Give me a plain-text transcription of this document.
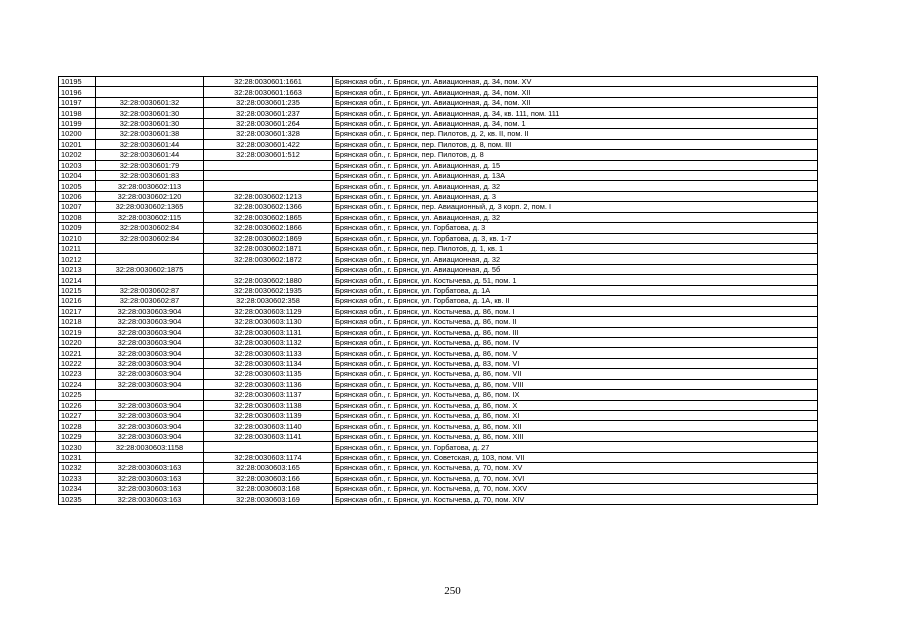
10195		32:28:0030601:1661	Брянская обл., г. Брянск, ул. Авиационная, д. 34, пом. XV
10196		32:28:0030601:1663	Брянская обл., г. Брянск, ул. Авиационная, д. 34, пом. XII
10197	32:28:0030601:32	32:28:0030601:235	Брянская обл., г. Брянск, ул. Авиационная, д. 34, пом. XII
10198	32:28:0030601:30	32:28:0030601:237	Брянская обл., г. Брянск, ул. Авиационная, д. 34, кв. 111, пом. 111
10199	32:28:0030601:30	32:28:0030601:264	Брянская обл., г. Брянск, ул. Авиационная, д. 34, пом. 1
10200	32:28:0030601:38	32:28:0030601:328	Брянская обл., г. Брянск, пер. Пилотов, д. 2, кв. II, пом. II
10201	32:28:0030601:44	32:28:0030601:422	Брянская обл., г. Брянск, пер. Пилотов, д. 8, пом. III
10202	32:28:0030601:44	32:28:0030601:512	Брянская обл., г. Брянск, пер. Пилотов, д. 8
10203	32:28:0030601:79		Брянская обл., г. Брянск, ул. Авиационная, д. 15
10204	32:28:0030601:83		Брянская обл., г. Брянск, ул. Авиационная, д. 13А
10205	32:28:0030602:113		Брянская обл., г. Брянск, ул. Авиационная, д. 32
10206	32:28:0030602:120	32:28:0030602:1213	Брянская обл., г. Брянск, ул. Авиационная, д. 3
10207	32:28:0030602:1365	32:28:0030602:1366	Брянская обл., г. Брянск, пер. Авиационный, д. 3 корп. 2, пом. I
10208	32:28:0030602:115	32:28:0030602:1865	Брянская обл., г. Брянск, ул. Авиационная, д. 32
10209	32:28:0030602:84	32:28:0030602:1866	Брянская обл., г. Брянск, ул. Горбатова, д. 3
10210	32:28:0030602:84	32:28:0030602:1869	Брянская обл., г. Брянск, ул. Горбатова, д. 3, кв. 1-7
10211		32:28:0030602:1871	Брянская обл., г. Брянск, пер. Пилотов, д. 1, кв. 1
10212		32:28:0030602:1872	Брянская обл., г. Брянск, ул. Авиационная, д. 32
10213	32:28:0030602:1875		Брянская обл., г. Брянск, ул. Авиационная, д. 5б
10214		32:28:0030602:1880	Брянская обл., г. Брянск, ул. Костычева, д. 51, пом. 1
10215	32:28:0030602:87	32:28:0030602:1935	Брянская обл., г. Брянск, ул. Горбатова, д. 1А
10216	32:28:0030602:87	32:28:0030602:358	Брянская обл., г. Брянск, ул. Горбатова, д. 1А, кв. II
10217	32:28:0030603:904	32:28:0030603:1129	Брянская обл., г. Брянск, ул. Костычева, д. 86, пом. I
10218	32:28:0030603:904	32:28:0030603:1130	Брянская обл., г. Брянск, ул. Костычева, д. 86, пом. II
10219	32:28:0030603:904	32:28:0030603:1131	Брянская обл., г. Брянск, ул. Костычева, д. 86, пом. III
10220	32:28:0030603:904	32:28:0030603:1132	Брянская обл., г. Брянск, ул. Костычева, д. 86, пом. IV
10221	32:28:0030603:904	32:28:0030603:1133	Брянская обл., г. Брянск, ул. Костычева, д. 86, пом. V
10222	32:28:0030603:904	32:28:0030603:1134	Брянская обл., г. Брянск, ул. Костычева, д. 83, пом. VI
10223	32:28:0030603:904	32:28:0030603:1135	Брянская обл., г. Брянск, ул. Костычева, д. 86, пом. VII
10224	32:28:0030603:904	32:28:0030603:1136	Брянская обл., г. Брянск, ул. Костычева, д. 86, пом. VIII
10225		32:28:0030603:1137	Брянская обл., г. Брянск, ул. Костычева, д. 86, пом. IX
10226	32:28:0030603:904	32:28:0030603:1138	Брянская обл., г. Брянск, ул. Костычева, д. 86, пом. X
10227	32:28:0030603:904	32:28:0030603:1139	Брянская обл., г. Брянск, ул. Костычева, д. 86, пом. XI
10228	32:28:0030603:904	32:28:0030603:1140	Брянская обл., г. Брянск, ул. Костычева, д. 86, пом. XII
10229	32:28:0030603:904	32:28:0030603:1141	Брянская обл., г. Брянск, ул. Костычева, д. 86, пом. XIII
10230	32:28:0030603:1158		Брянская обл., г. Брянск, ул. Горбатова, д. 27
10231		32:28:0030603:1174	Брянская обл., г. Брянск, ул. Советская, д. 103, пом. VII
10232	32:28:0030603:163	32:28:0030603:165	Брянская обл., г. Брянск, ул. Костычева, д. 70, пом. XV
10233	32:28:0030603:163	32:28:0030603:166	Брянская обл., г. Брянск, ул. Костычева, д. 70, пом. XVI
10234	32:28:0030603:163	32:28:0030603:168	Брянская обл., г. Брянск, ул. Костычева, д. 70, пом. XXV
10235	32:28:0030603:163	32:28:0030603:169	Брянская обл., г. Брянск, ул. Костычева, д. 70, пом. XIV
250
